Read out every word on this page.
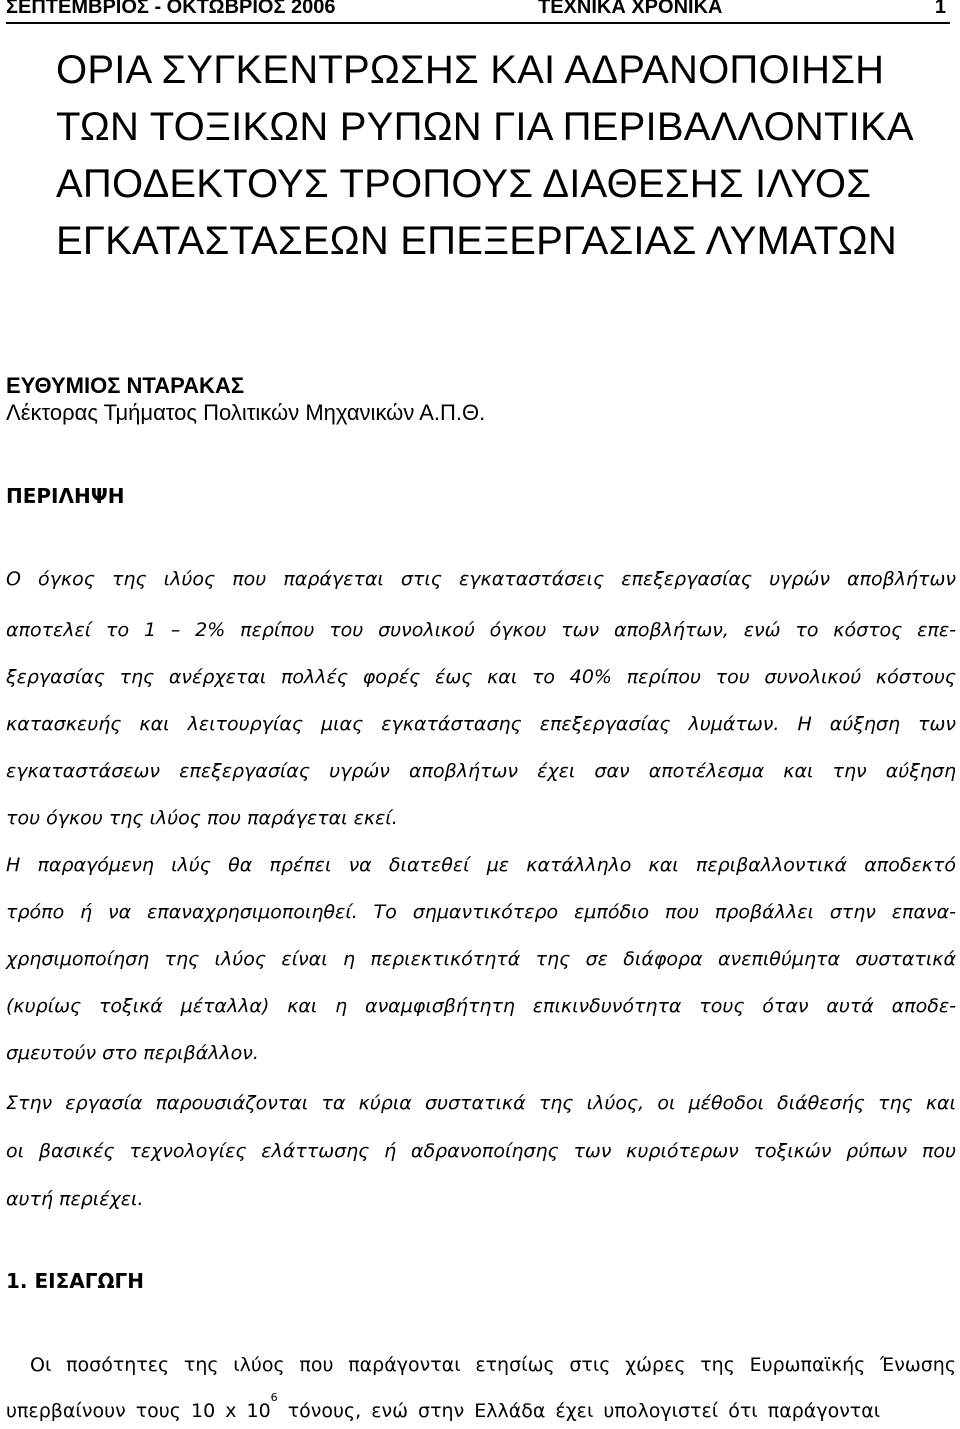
ΣΕΠΤΕΜΒΡΙΟΣ - ΟΚΤΩΒΡΙΟΣ 2006	ΤΕΧΝΙΚΑ ΧΡΟΝΙΚΑ	1
ΟΡΙΑ ΣΥΓΚΕΝΤΡΩΣΗΣ ΚΑΙ ΑΔΡΑΝΟΠΟΙΗΣΗ
ΤΩΝ ΤΟΞΙΚΩΝ ΡΥΠΩΝ ΓΙΑ ΠΕΡΙΒΑΛΛΟΝΤΙΚΑ
ΑΠΟΔΕΚΤΟΥΣ ΤΡΟΠΟΥΣ ΔΙΑΘΕΣΗΣ ΙΛΥΟΣ
ΕΓΚΑΤΑΣΤΑΣΕΩΝ ΕΠΕΞΕΡΓΑΣΙΑΣ ΛΥΜΑΤΩΝ
ΕΥΘΥΜΙΟΣ ΝΤΑΡΑΚΑΣ
Λέκτορας Τμήματος Πολιτικών Μηχανικών Α.Π.Θ.
ΠΕΡΙΛΗΨΗ
Ο όγκος της ιλύος που παράγεται στις εγκαταστάσεις επεξεργασίας υγρών αποβλήτων
αποτελεί το 1 – 2% περίπου του συνολικού όγκου των αποβλήτων, ενώ το κόστος επε-
ξεργασίας της ανέρχεται πολλές φορές έως και το 40% περίπου του συνολικού κόστους
κατασκευής και λειτουργίας μιας εγκατάστασης επεξεργασίας λυμάτων. Η αύξηση των
εγκαταστάσεων επεξεργασίας υγρών αποβλήτων έχει σαν αποτέλεσμα και την αύξηση
του όγκου της ιλύος που παράγεται εκεί.
Η παραγόμενη ιλύς θα πρέπει να διατεθεί με κατάλληλο και περιβαλλοντικά αποδεκτό
τρόπο ή να επαναχρησιμοποιηθεί. Το σημαντικότερο εμπόδιο που προβάλλει στην επανα-
χρησιμοποίηση της ιλύος είναι η περιεκτικότητά της σε διάφορα ανεπιθύμητα συστατικά
(κυρίως τοξικά μέταλλα) και η αναμφισβήτητη επικινδυνότητα τους όταν αυτά αποδε-
σμευτούν στο περιβάλλον.
Στην εργασία παρουσιάζονται τα κύρια συστατικά της ιλύος, οι μέθοδοι διάθεσής της και
οι βασικές τεχνολογίες ελάττωσης ή αδρανοποίησης των κυριότερων τοξικών ρύπων που
αυτή περιέχει.
1. ΕΙΣΑΓΩΓΗ
Οι ποσότητες της ιλύος που παράγονται ετησίως στις χώρες της Ευρωπαϊκής Ένωσης
υπερβαίνουν τους 10 x 10
6
τόνους, ενώ στην Ελλάδα έχει υπολογιστεί ότι παράγονται
